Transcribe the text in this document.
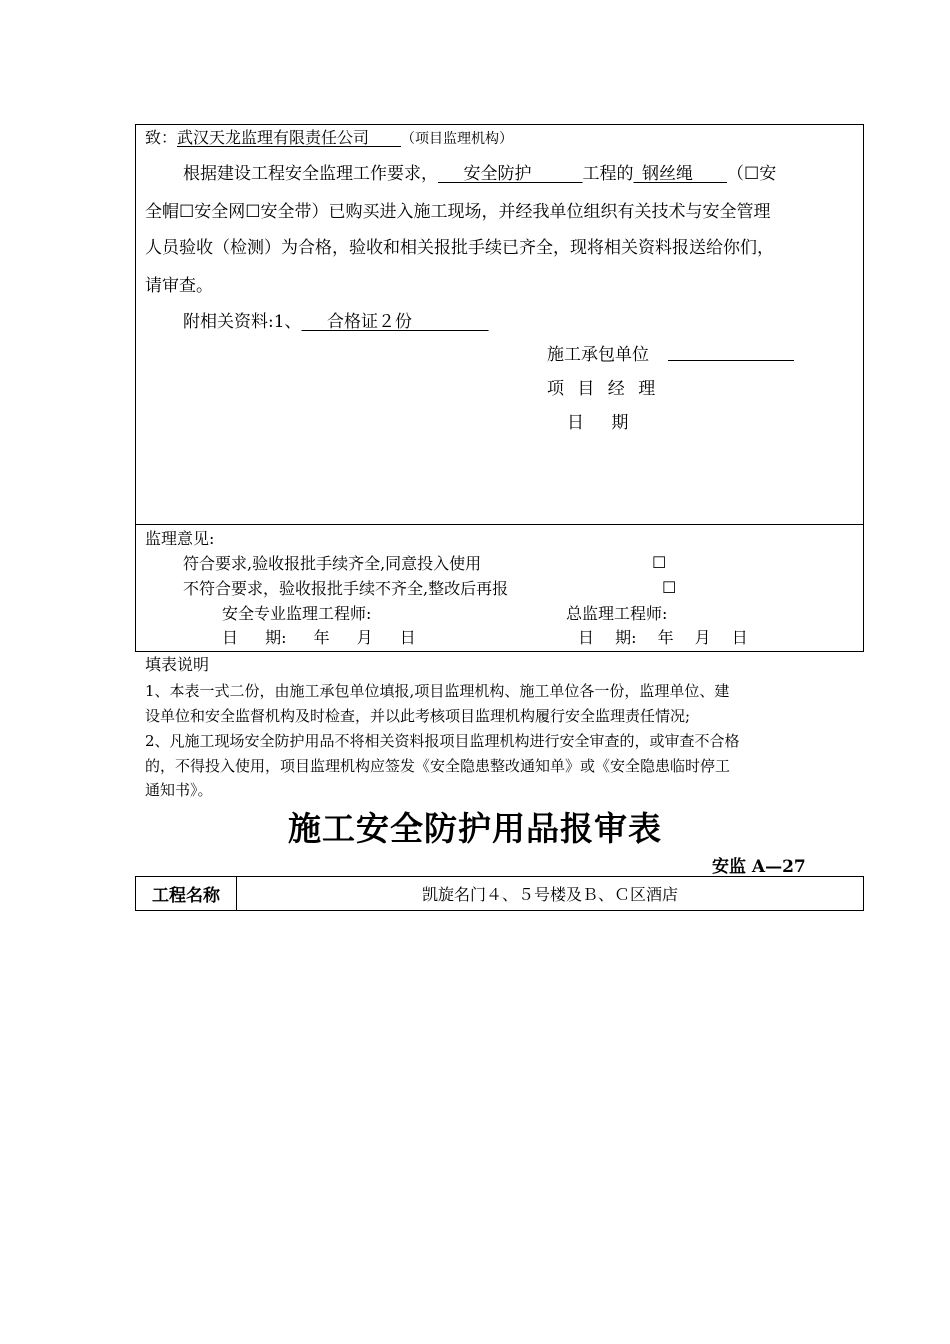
致：武汉天龙监理有限责任公司     （项目监理机构）
根据建设工程安全监理工作要求，    安全防护      	工程的  钢丝绳     （☐安
全帽☐安全网☐安全带）已购买进入施工现场，并经我单位组织有关技术与安全管理
人员验收（检测）为合格，验收和相关报批手续已齐全，现将相关资料报送给你们，
请审查。
附相关资料:1、    合格证２份         
施工承包单位
项 目 经 理
日 期
监理意见:
符合要求,验收报批手续齐全,同意投入使用	☐
不符合要求，验收报批手续不齐全,整改后再报	☐
安全专业监理工程师:	总监理工程师:
日 期: 年 月 日	日 期: 年 月 日
填表说明
1、本表一式二份，由施工承包单位填报,项目监理机构、施工单位各一份，监理单位、建
设单位和安全监督机构及时检查，并以此考核项目监理机构履行安全监理责任情况;
2、凡施工现场安全防护用品不将相关资料报项目监理机构进行安全审查的，或审查不合格
的，不得投入使用，项目监理机构应签发《安全隐患整改通知单》或《安全隐患临时停工
通知书》。
施工安全防护用品报审表
安监 A—27
工程名称	凯旋名门４、５号楼及Ｂ、Ｃ区酒店
